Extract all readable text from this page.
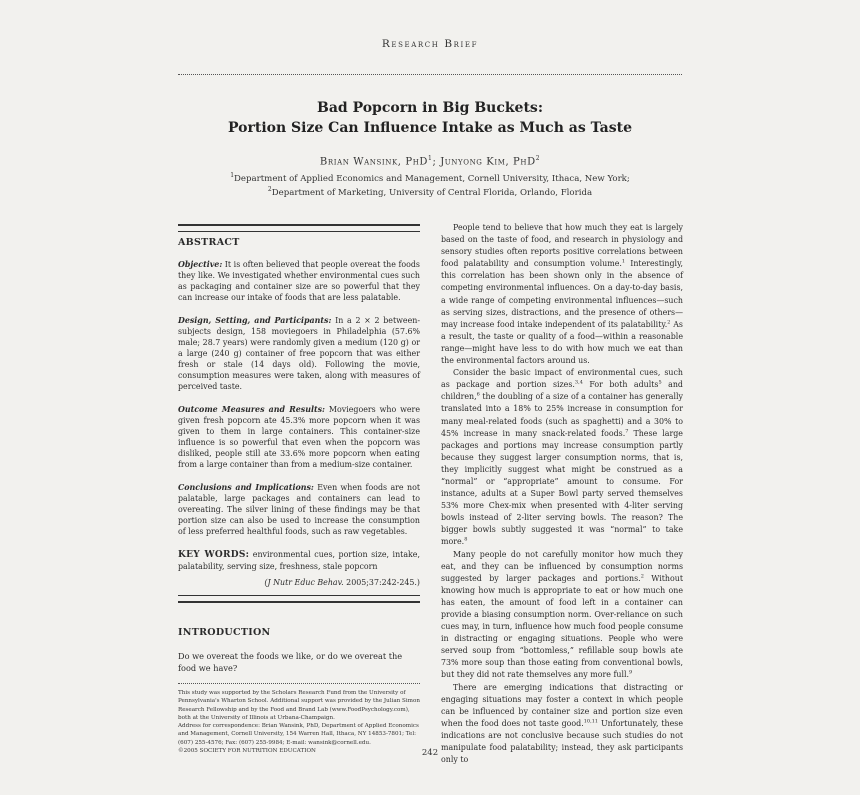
Research Brief
Bad Popcorn in Big Buckets:
Portion Size Can Influence Intake as Much as Taste
Brian Wansink, PhD$^1$; Junyong Kim, PhD$^2$
$^1$Department of Applied Economics and Management, Cornell University, Ithaca, New York;
$^2$Department of Marketing, University of Central Florida, Orlando, Florida
ABSTRACT
Objective: It is often believed that people overeat the foods they like. We investigated whether environmental cues such as packaging and container size are so powerful that they can increase our intake of foods that are less palatable.
Design, Setting, and Participants: In a 2 × 2 between-subjects design, 158 moviegoers in Philadelphia (57.6% male; 28.7 years) were randomly given a medium (120 g) or a large (240 g) container of free popcorn that was either fresh or stale (14 days old). Following the movie, consumption measures were taken, along with measures of perceived taste.
Outcome Measures and Results: Moviegoers who were given fresh popcorn ate 45.3% more popcorn when it was given to them in large containers. This container-size influence is so powerful that even when the popcorn was disliked, people still ate 33.6% more popcorn when eating from a large container than from a medium-size container.
Conclusions and Implications: Even when foods are not palatable, large packages and containers can lead to overeating. The silver lining of these findings may be that portion size can also be used to increase the consumption of less preferred healthful foods, such as raw vegetables.
KEY WORDS: environmental cues, portion size, intake, palatability, serving size, freshness, stale popcorn
(J Nutr Educ Behav. 2005;37:242-245.)
INTRODUCTION
Do we overeat the foods we like, or do we overeat the food we have?
This study was supported by the Scholars Research Fund from the University of Pennsylvania's Wharton School. Additional support was provided by the Julian Simon Research Fellowship and by the Food and Brand Lab (www.FoodPsychology.com), both at the University of Illinois at Urbana-Champaign.
Address for correspondence: Brian Wansink, PhD, Department of Applied Economics and Management, Cornell University, 154 Warren Hall, Ithaca, NY 14853-7801; Tel: (607) 255-4576; Fax: (607) 255-9984; E-mail: wansink@cornell.edu.
©2005 SOCIETY FOR NUTRITION EDUCATION

People tend to believe that how much they eat is largely based on the taste of food, and research in physiology and sensory studies often reports positive correlations between food palatability and consumption volume.$^1$ Interestingly, this correlation has been shown only in the absence of competing environmental influences. On a day-to-day basis, a wide range of competing environmental influences—such as serving sizes, distractions, and the presence of others—may increase food intake independent of its palatability.$^2$ As a result, the taste or quality of a food—within a reasonable range—might have less to do with how much we eat than the environmental factors around us.

Consider the basic impact of environmental cues, such as package and portion sizes.$^{3,4}$ For both adults$^5$ and children,$^6$ the doubling of a size of a container has generally translated into a 18% to 25% increase in consumption for many meal-related foods (such as spaghetti) and a 30% to 45% increase in many snack-related foods.$^7$ These large packages and portions may increase consumption partly because they suggest larger consumption norms, that is, they implicitly suggest what might be construed as a “normal” or “appropriate” amount to consume. For instance, adults at a Super Bowl party served themselves 53% more Chex-mix when presented with 4-liter serving bowls instead of 2-liter serving bowls. The reason? The bigger bowls subtly suggested it was “normal” to take more.$^8$

Many people do not carefully monitor how much they eat, and they can be influenced by consumption norms suggested by larger packages and portions.$^2$ Without knowing how much is appropriate to eat or how much one has eaten, the amount of food left in a container can provide a biasing consumption norm. Over-reliance on such cues may, in turn, influence how much food people consume in distracting or engaging situations. People who were served soup from “bottomless,” refillable soup bowls ate 73% more soup than those eating from conventional bowls, but they did not rate themselves any more full.$^9$

There are emerging indications that distracting or engaging situations may foster a context in which people can be influenced by container size and portion size even when the food does not taste good.$^{10,11}$ Unfortunately, these indications are not conclusive because such studies do not manipulate food palatability; instead, they ask participants only to

242
